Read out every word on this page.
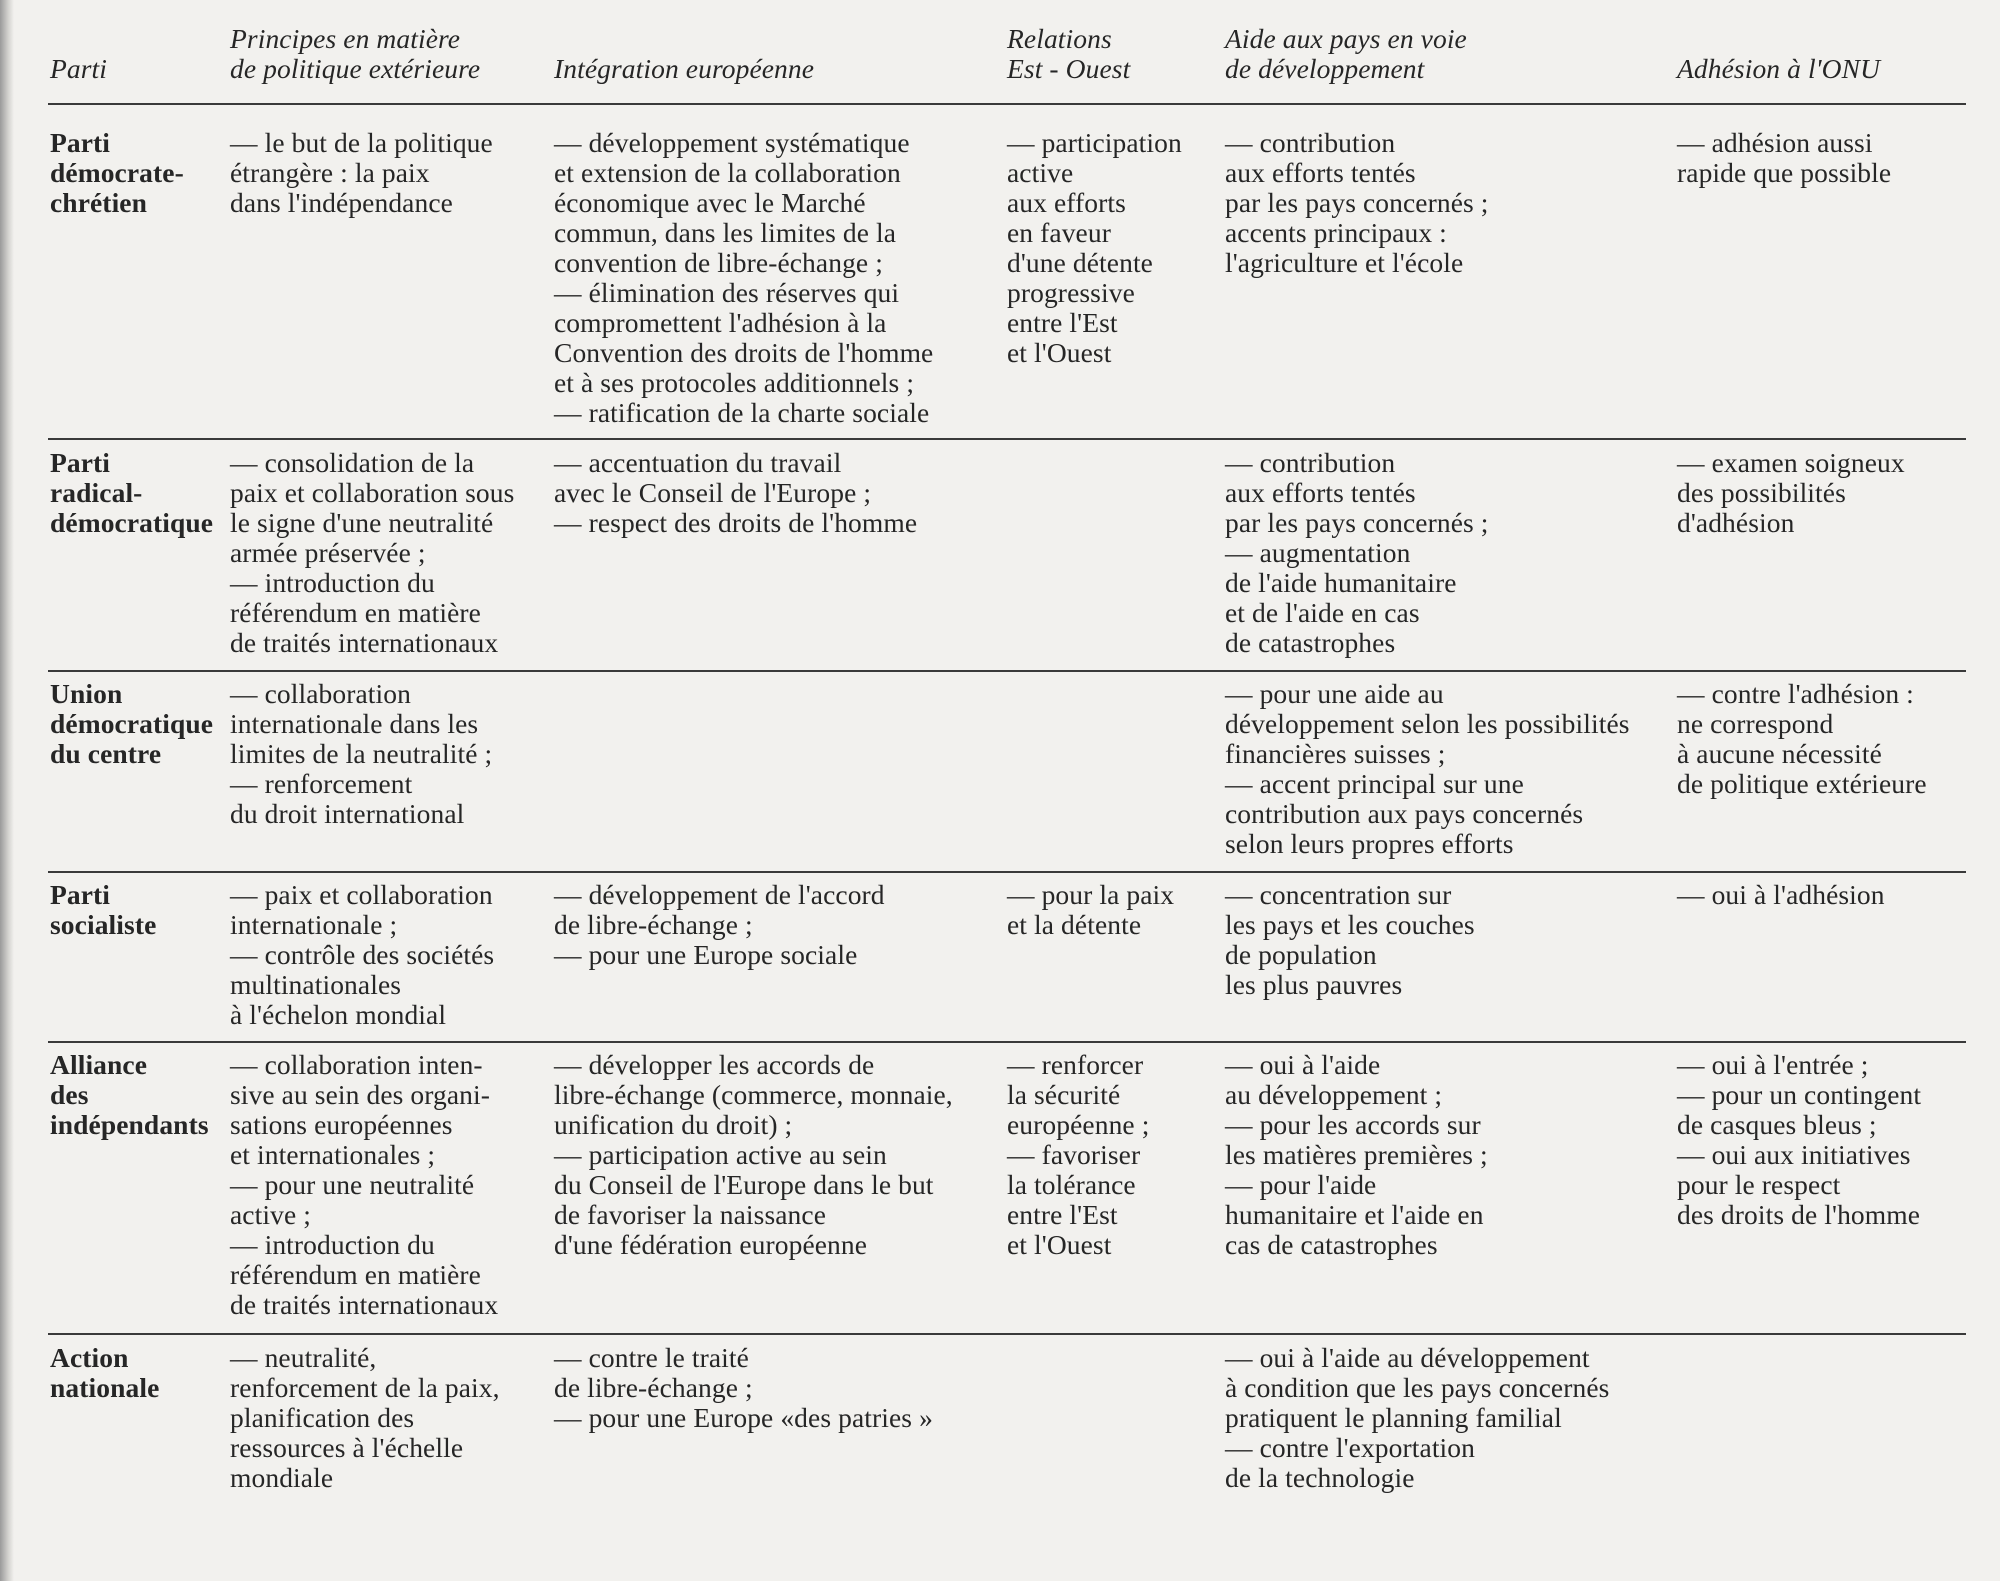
Parti
Principes en matière
de politique extérieure	Intégration européenne
Relations
Est - Ouest
Aide aux pays en voie
de développement	Adhésion à l'ONU
Parti
démocrate-
chrétien
— le but de la politique
étrangère : la paix
dans l'indépendance
— développement systématique
et extension de la collaboration
économique avec le Marché
commun, dans les limites de la
convention de libre-échange ;
— élimination des réserves qui
compromettent l'adhésion à la
Convention des droits de l'homme
et à ses protocoles additionnels ;
— ratification de la charte sociale
— participation
active
aux efforts
en faveur
d'une détente
progressive
entre l'Est
et l'Ouest
— contribution
aux efforts tentés
par les pays concernés ;
accents principaux :
l'agriculture et l'école
— adhésion aussi
rapide que possible
Parti
radical-
démocratique
— consolidation de la
paix et collaboration sous
le signe d'une neutralité
armée préservée ;
— introduction du
référendum en matière
de traités internationaux
— accentuation du travail
avec le Conseil de l'Europe ;
— respect des droits de l'homme
— contribution
aux efforts tentés
par les pays concernés ;
— augmentation
de l'aide humanitaire
et de l'aide en cas
de catastrophes
— examen soigneux
des possibilités
d'adhésion
Union
démocratique
du centre
— collaboration
internationale dans les
limites de la neutralité ;
— renforcement
du droit international
— pour une aide au
développement selon les possibilités
financières suisses ;
— accent principal sur une
contribution aux pays concernés
selon leurs propres efforts
— contre l'adhésion :
ne correspond
à aucune nécessité
de politique extérieure
Parti
socialiste
— paix et collaboration
internationale ;
— contrôle des sociétés
multinationales
à l'échelon mondial
— développement de l'accord
de libre-échange ;
— pour une Europe sociale
— pour la paix
et la détente
— concentration sur
les pays et les couches
de population
les plus pauvres
— oui à l'adhésion
Alliance
des
indépendants
— collaboration inten-
sive au sein des organi-
sations européennes
et internationales ;
— pour une neutralité
active ;
— introduction du
référendum en matière
de traités internationaux
— développer les accords de
libre-échange (commerce, monnaie,
unification du droit) ;
— participation active au sein
du Conseil de l'Europe dans le but
de favoriser la naissance
d'une fédération européenne
— renforcer
la sécurité
européenne ;
— favoriser
la tolérance
entre l'Est
et l'Ouest
— oui à l'aide
au développement ;
— pour les accords sur
les matières premières ;
— pour l'aide
humanitaire et l'aide en
cas de catastrophes
— oui à l'entrée ;
— pour un contingent
de casques bleus ;
— oui aux initiatives
pour le respect
des droits de l'homme
Action
nationale
— neutralité,
renforcement de la paix,
planification des
ressources à l'échelle
mondiale
— contre le traité
de libre-échange ;
— pour une Europe «des patries »
— oui à l'aide au développement
à condition que les pays concernés
pratiquent le planning familial
— contre l'exportation
de la technologie
